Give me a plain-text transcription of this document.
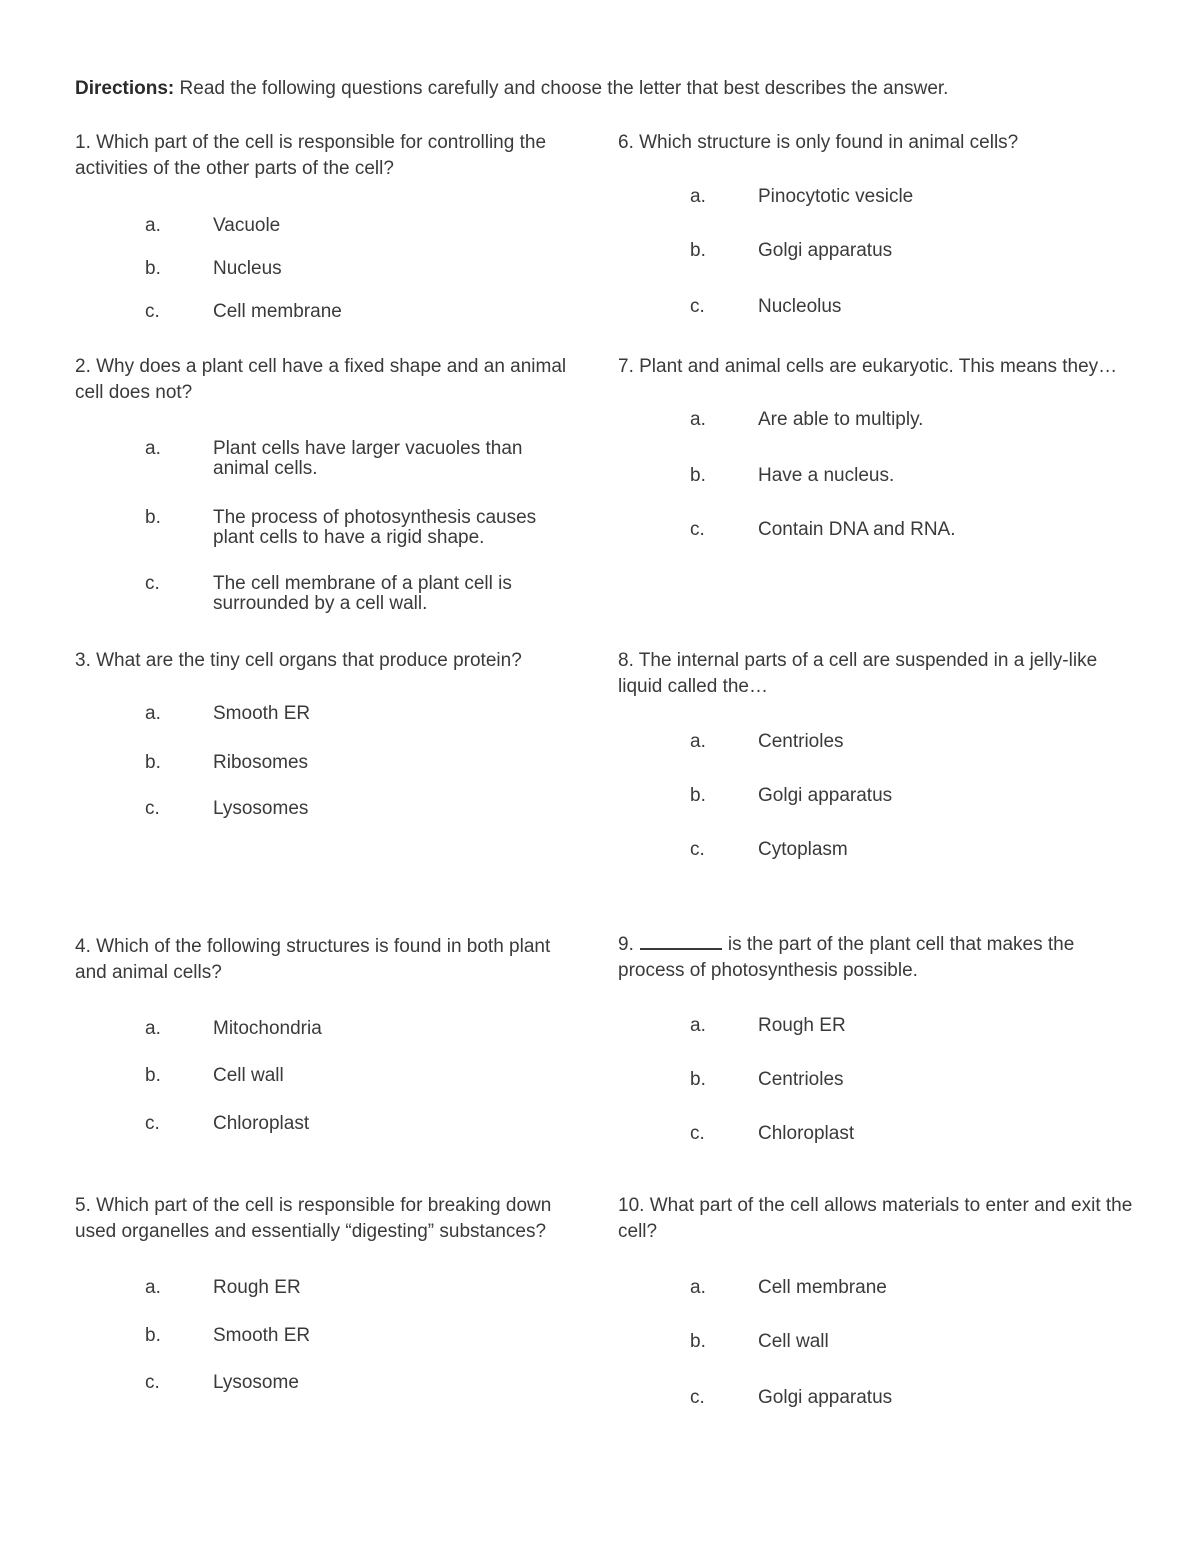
Directions: Read the following questions carefully and choose the letter that best describes the answer.

1. Which part of the cell is responsible for controlling the activities of the other parts of the cell?

a.	Vacuole
b.	Nucleus
c.	Cell membrane

2. Why does a plant cell have a fixed shape and an animal cell does not?

a.	Plant cells have larger vacuoles than animal cells.
b.	The process of photosynthesis causes plant cells to have a rigid shape.
c.	The cell membrane of a plant cell is surrounded by a cell wall.

3. What are the tiny cell organs that produce protein?

a.	Smooth ER
b.	Ribosomes
c.	Lysosomes

4. Which of the following structures is found in both plant and animal cells?

a.	Mitochondria
b.	Cell wall
c.	Chloroplast

5. Which part of the cell is responsible for breaking down used organelles and essentially “digesting” substances?

a.	Rough ER
b.	Smooth ER
c.	Lysosome

6. Which structure is only found in animal cells?

a.	Pinocytotic vesicle
b.	Golgi apparatus
c.	Nucleolus

7. Plant and animal cells are eukaryotic. This means they…

a.	Are able to multiply.
b.	Have a nucleus.
c.	Contain DNA and RNA.

8. The internal parts of a cell are suspended in a jelly-like liquid called the…

a.	Centrioles
b.	Golgi apparatus
c.	Cytoplasm

9.	is the part of the plant cell that makes the process of photosynthesis possible.

a.	Rough ER
b.	Centrioles
c.	Chloroplast

10. What part of the cell allows materials to enter and exit the cell?

a.	Cell membrane
b.	Cell wall
c.	Golgi apparatus
